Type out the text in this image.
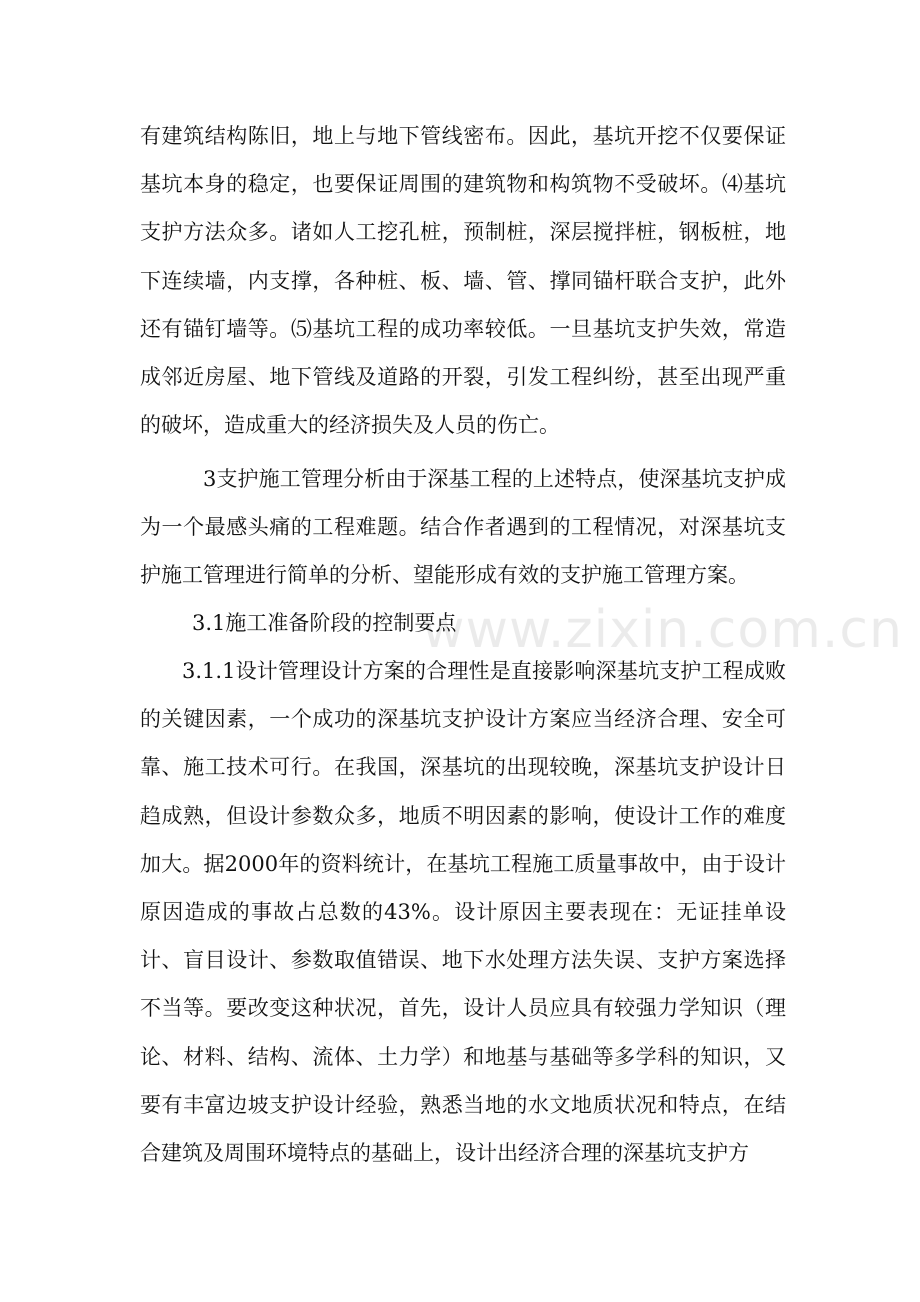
有建筑结构陈旧，地上与地下管线密布。因此，基坑开挖不仅要保证基坑本身的稳定，也要保证周围的建筑物和构筑物不受破坏。⑷基坑支护方法众多。诸如人工挖孔桩，预制桩，深层搅拌桩，钢板桩，地下连续墙，内支撑，各种桩、板、墙、管、撑同锚杆联合支护，此外还有锚钉墙等。⑸基坑工程的成功率较低。一旦基坑支护失效，常造成邻近房屋、地下管线及道路的开裂，引发工程纠纷，甚至出现严重的破坏，造成重大的经济损失及人员的伤亡。
3支护施工管理分析由于深基工程的上述特点，使深基坑支护成为一个最感头痛的工程难题。结合作者遇到的工程情况，对深基坑支护施工管理进行简单的分析、望能形成有效的支护施工管理方案。
3.1施工准备阶段的控制要点
3.1.1设计管理设计方案的合理性是直接影响深基坑支护工程成败的关键因素，一个成功的深基坑支护设计方案应当经济合理、安全可靠、施工技术可行。在我国，深基坑的出现较晚，深基坑支护设计日趋成熟，但设计参数众多，地质不明因素的影响，使设计工作的难度加大。据2000年的资料统计，在基坑工程施工质量事故中，由于设计原因造成的事故占总数的43%。设计原因主要表现在：无证挂单设计、盲目设计、参数取值错误、地下水处理方法失误、支护方案选择不当等。要改变这种状况，首先，设计人员应具有较强力学知识（理论、材料、结构、流体、土力学）和地基与基础等多学科的知识，又要有丰富边坡支护设计经验，熟悉当地的水文地质状况和特点，在结合建筑及周围环境特点的基础上，设计出经济合理的深基坑支护方
www.zixin.com.cn
